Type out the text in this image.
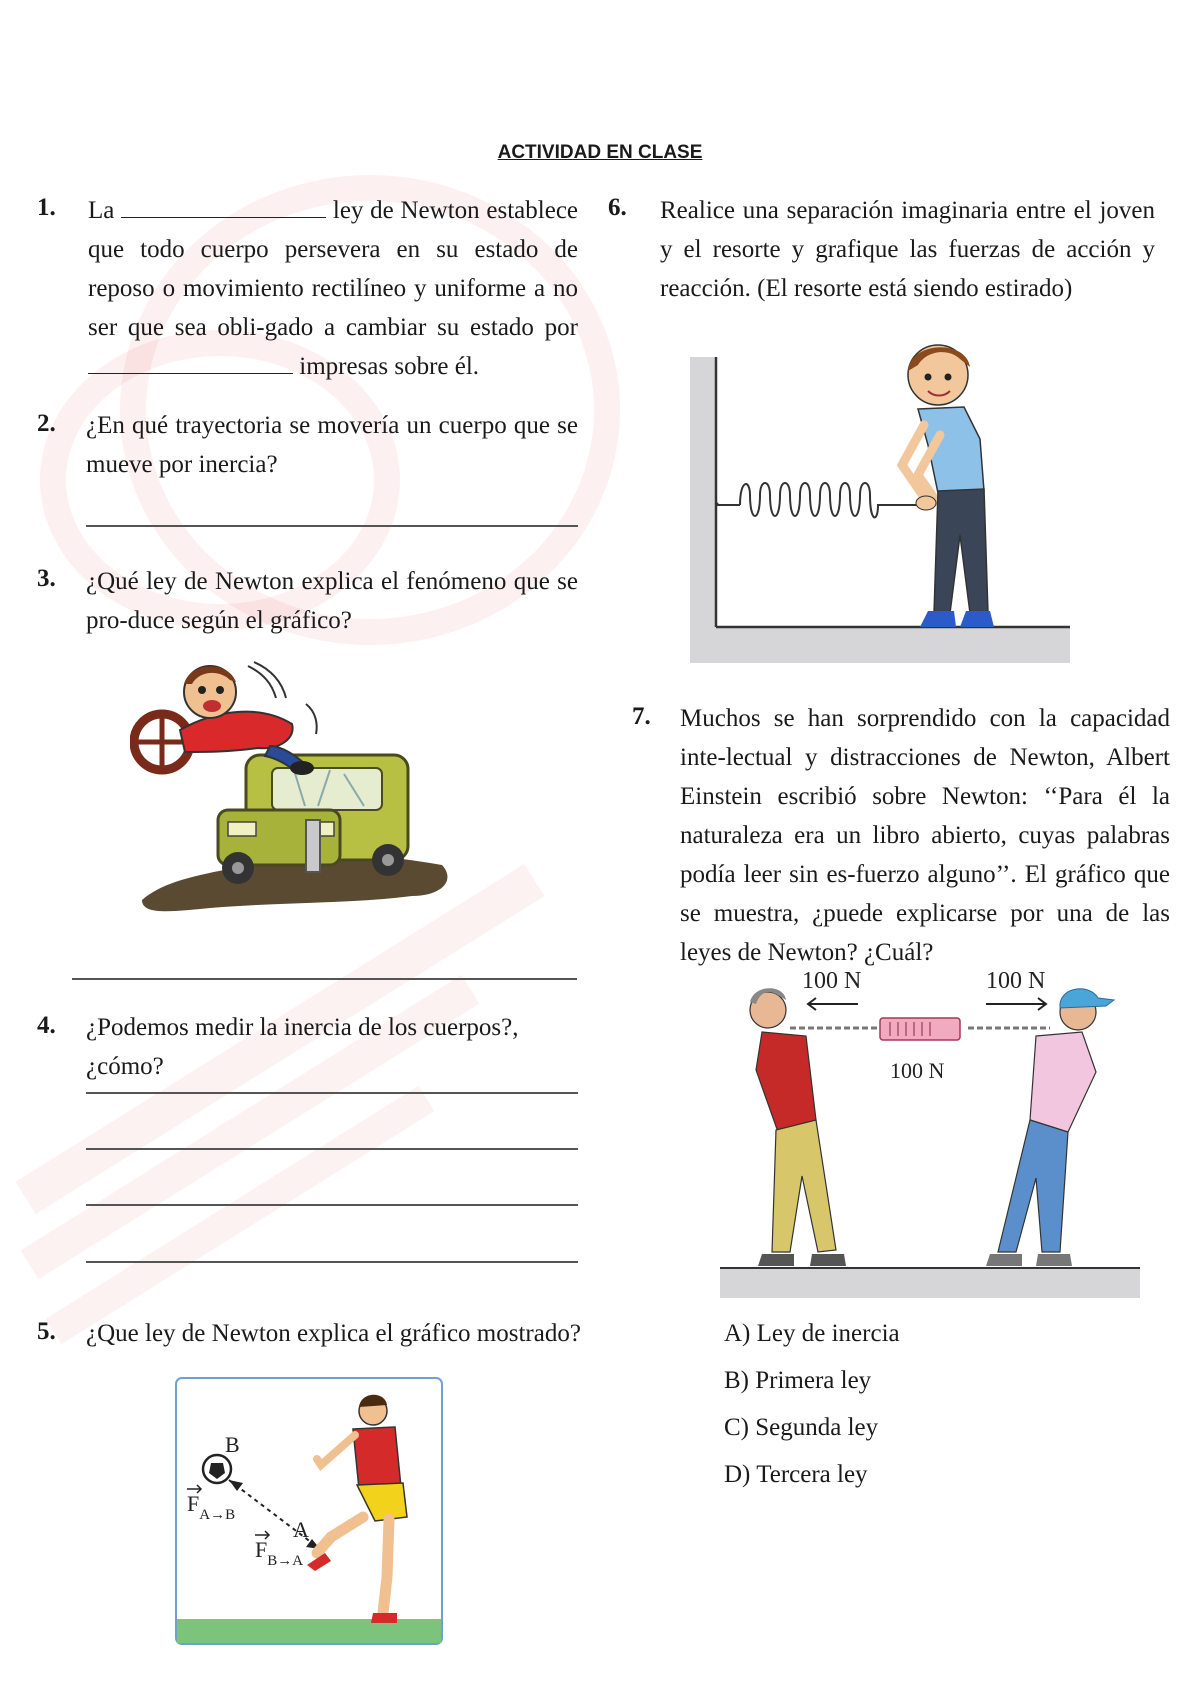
ACTIVIDAD EN CLASE
1. La	ley de Newton establece que todo cuerpo persevera en su estado de reposo o movimiento rectilíneo y uniforme a no ser que sea obli-gado a cambiar su estado por  impresas sobre él.
2. ¿En qué trayectoria se movería un cuerpo que se mueve por inercia?
3. ¿Qué ley de Newton explica el fenómeno que se pro-duce según el gráfico?
4. ¿Podemos medir la inercia de los cuerpos?, ¿cómo?
5. ¿Que ley de Newton explica el gráfico mostrado?
B
A
$F_{A\to B}$
$F_{B\to A}$
6. Realice una separación imaginaria entre el joven y el resorte y grafique las fuerzas de acción y reacción. (El resorte está siendo estirado)
7. Muchos se han sorprendido con la capacidad inte-lectual y distracciones de Newton, Albert Einstein escribió sobre Newton: ‘‘Para él la naturaleza era un libro abierto, cuyas palabras podía leer sin es-fuerzo alguno’’. El gráfico que se muestra, ¿puede explicarse por una de las leyes de Newton? ¿Cuál?
100 N	100 N
100 N
A) Ley de inercia
B) Primera ley
C) Segunda ley
D) Tercera ley
